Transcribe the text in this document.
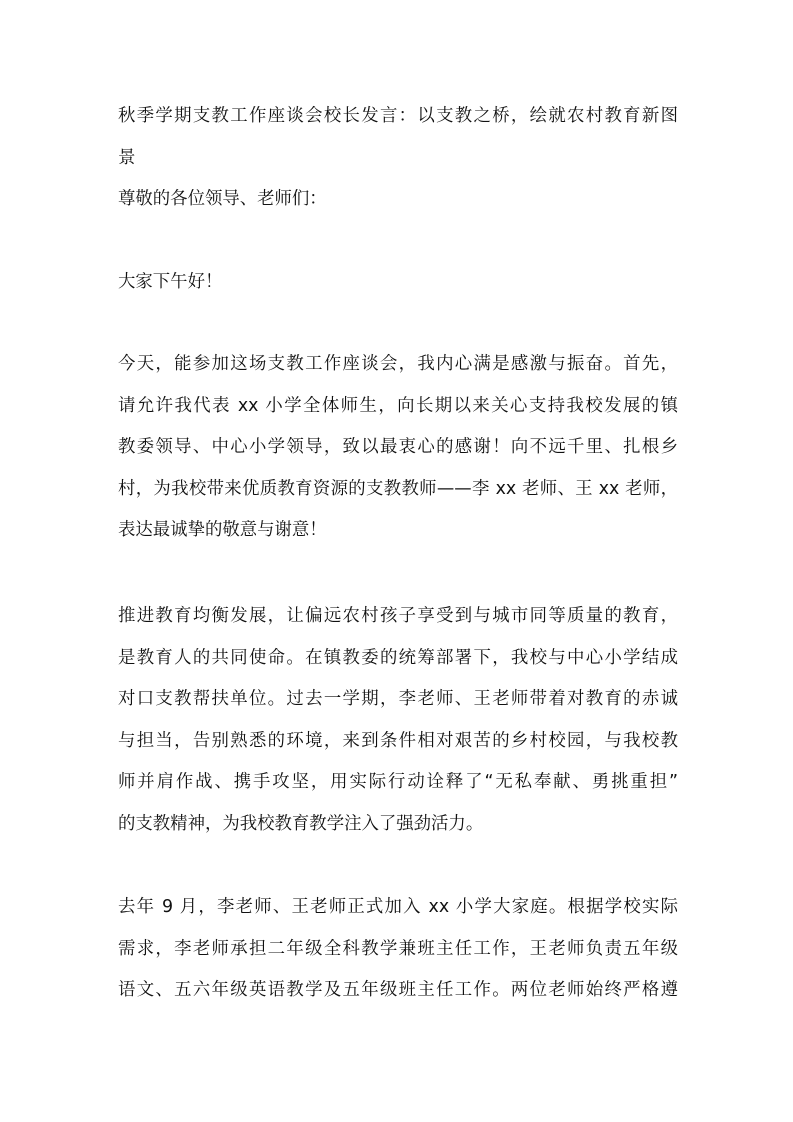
秋季学期支教工作座谈会校长发言：以支教之桥，绘就农村教育新图
景
尊敬的各位领导、老师们：
大家下午好！
今天，能参加这场支教工作座谈会，我内心满是感激与振奋。首先，
请允许我代表 xx 小学全体师生，向长期以来关心支持我校发展的镇
教委领导、中心小学领导，致以最衷心的感谢！向不远千里、扎根乡
村，为我校带来优质教育资源的支教教师——李 xx 老师、王 xx 老师，
表达最诚挚的敬意与谢意！
推进教育均衡发展，让偏远农村孩子享受到与城市同等质量的教育，
是教育人的共同使命。在镇教委的统筹部署下，我校与中心小学结成
对口支教帮扶单位。过去一学期，李老师、王老师带着对教育的赤诚
与担当，告别熟悉的环境，来到条件相对艰苦的乡村校园，与我校教
师并肩作战、携手攻坚，用实际行动诠释了“无私奉献、勇挑重担”
的支教精神，为我校教育教学注入了强劲活力。
去年 9 月，李老师、王老师正式加入 xx 小学大家庭。根据学校实际
需求，李老师承担二年级全科教学兼班主任工作，王老师负责五年级
语文、五六年级英语教学及五年级班主任工作。两位老师始终严格遵
